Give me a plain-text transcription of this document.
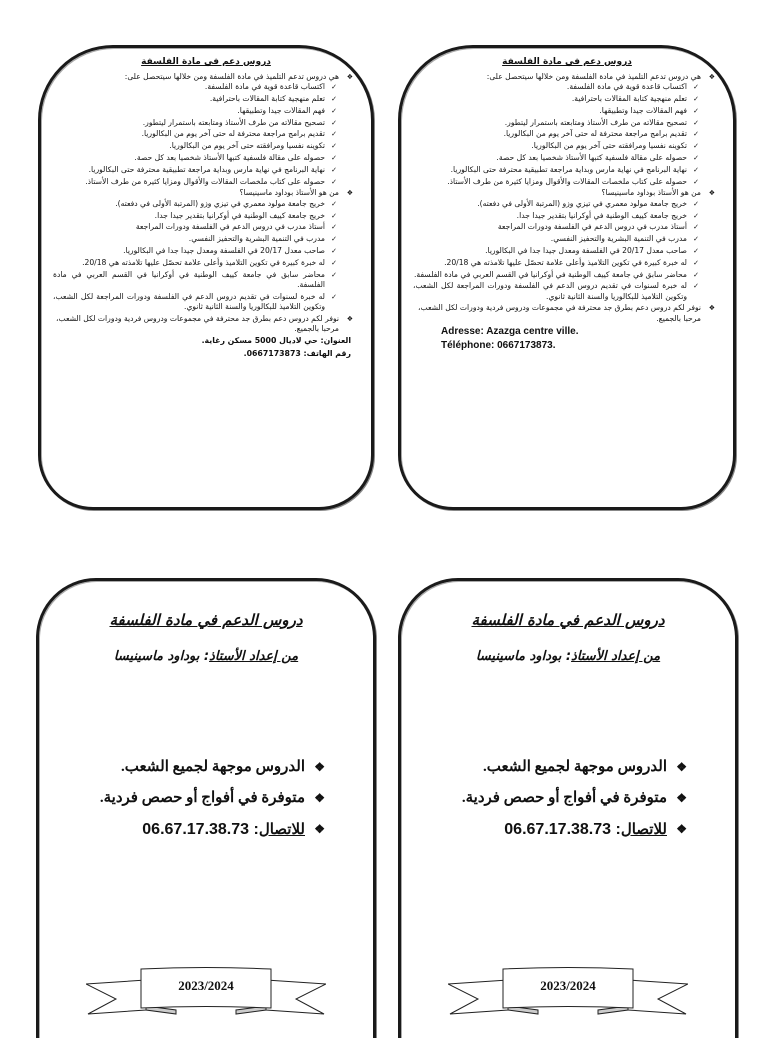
دروس دعم في مادة الفلسفة
❖ هي دروس تدعم التلميذ في مادة الفلسفة ومن خلالها سيتحصل على:
✓ اكتساب قاعدة قوية في مادة الفلسفة.
✓ تعلم منهجية كتابة المقالات باحترافية.
✓ فهم المقالات جيدا وتطبيقها.
✓ تصحيح مقالاته من طرف الأستاذ ومتابعته باستمرار ليتطور.
✓ تقديم برامج مراجعة محترفة له حتى آخر يوم من البكالوريا.
✓ تكوينه نفسيا ومرافقته حتى آخر يوم من البكالوريا.
✓ حصوله على مقالة فلسفية كتبها الأستاذ شخصيا بعد كل حصة.
✓ نهاية البرنامج في نهاية مارس وبداية مراجعة تطبيقية محترفة حتى البكالوريا.
✓ حصوله على كتاب ملخصات المقالات والأقوال ومزايا كثيرة من طرف الأستاذ.
❖ من هو الأستاذ بوداود ماسينيسا؟
✓ خريج جامعة مولود معمري في تيزي وزو (المرتبة الأولى في دفعته).
✓ خريج جامعة كييف الوطنية في أوكرانيا بتقدير جيدا جدا.
✓ أستاذ مدرب في دروس الدعم في الفلسفة ودورات المراجعة
✓ مدرب في التنمية البشرية والتحفيز النفسي.
✓ صاحب معدل 20/17 في الفلسفة ومعدل جيدا جدا في البكالوريا.
✓ له خبرة كبيرة في تكوين التلاميذ وأعلى علامة تحصّل عليها تلامذته هي 20/18.
✓ محاضر سابق في جامعة كييف الوطنية في أوكرانيا في القسم العربي في مادة الفلسفة.
✓ له خبرة لسنوات في تقديم دروس الدعم في الفلسفة ودورات المراجعة لكل الشعب، وتكوين التلاميذ للبكالوريا والسنة الثانية ثانوي.
❖ نوفر لكم دروس دعم بطرق جد محترفة في مجموعات ودروس فردية ودورات لكل الشعب، مرحبا بالجميع.
العنوان: حي لاديال 5000 مسكن رغاية.
رقم الهاتف: 0667173873.
دروس دعم في مادة الفلسفة
❖ هي دروس تدعم التلميذ في مادة الفلسفة ومن خلالها سيتحصل على:
✓ اكتساب قاعدة قوية في مادة الفلسفة.
✓ تعلم منهجية كتابة المقالات باحترافية.
✓ فهم المقالات جيدا وتطبيقها.
✓ تصحيح مقالاته من طرف الأستاذ ومتابعته باستمرار ليتطور.
✓ تقديم برامج مراجعة محترفة له حتى آخر يوم من البكالوريا.
✓ تكوينه نفسيا ومرافقته حتى آخر يوم من البكالوريا.
✓ حصوله على مقالة فلسفية كتبها الأستاذ شخصيا بعد كل حصة.
✓ نهاية البرنامج في نهاية مارس وبداية مراجعة تطبيقية محترفة حتى البكالوريا.
✓ حصوله على كتاب ملخصات المقالات والأقوال ومزايا كثيرة من طرف الأستاذ.
❖ من هو الأستاذ بوداود ماسينيسا؟
✓ خريج جامعة مولود معمري في تيزي وزو (المرتبة الأولى في دفعته).
✓ خريج جامعة كييف الوطنية في أوكرانيا بتقدير جيدا جدا.
✓ أستاذ مدرب في دروس الدعم في الفلسفة ودورات المراجعة
✓ مدرب في التنمية البشرية والتحفيز النفسي.
✓ صاحب معدل 20/17 في الفلسفة ومعدل جيدا جدا في البكالوريا.
✓ له خبرة كبيرة في تكوين التلاميذ وأعلى علامة تحصّل عليها تلامذته هي 20/18.
✓ محاضر سابق في جامعة كييف الوطنية في أوكرانيا في القسم العربي في مادة الفلسفة.
✓ له خبرة لسنوات في تقديم دروس الدعم في الفلسفة ودورات المراجعة لكل الشعب، وتكوين التلاميذ للبكالوريا والسنة الثانية ثانوي.
❖ نوفر لكم دروس دعم بطرق جد محترفة في مجموعات ودروس فردية ودورات لكل الشعب، مرحبا بالجميع.
Adresse: Azazga centre ville.
Téléphone: 0667173873.
دروس الدعم في مادة الفلسفة
من إعداد الأستاذ: بوداود ماسينيسا
❖ الدروس موجهة لجميع الشعب.
❖ متوفرة في أفواج أو حصص فردية.
❖ للاتصال: 06.67.17.38.73
2023/2024
دروس الدعم في مادة الفلسفة
من إعداد الأستاذ: بوداود ماسينيسا
❖ الدروس موجهة لجميع الشعب.
❖ متوفرة في أفواج أو حصص فردية.
❖ للاتصال: 06.67.17.38.73
2023/2024
